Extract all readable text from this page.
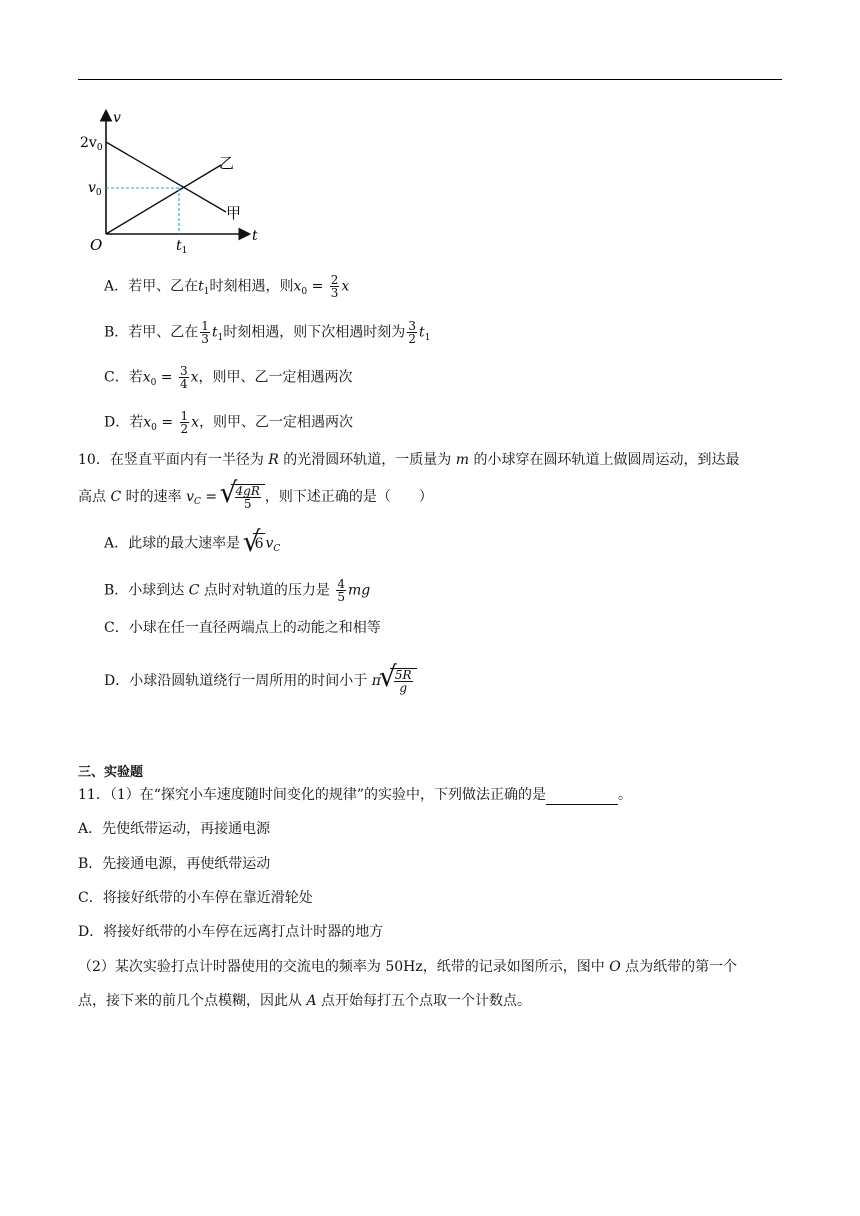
v
t
O
$2v_0$
$v_0$
$t_1$
乙
甲
A．若甲、乙在$t_1$时刻相遇，则$x_0 = \frac{2}{3}$ x
B．若甲、乙在 $\frac{1}{3} t_1$时刻相遇，则下次相遇时刻为 $\frac{3}{2} t_1$
C．若$x_0 = \frac{3}{4}$ x，则甲、乙一定相遇两次
D．若$x_0 = \frac{1}{2}$ x，则甲、乙一定相遇两次
10．在竖直平面内有一半径为 R 的光滑圆环轨道，一质量为 m 的小球穿在圆环轨道上做圆周运动，到达最
高点 C 时的速率 $v_C$ = √ $\frac{4gR}{5}$ ，则下述正确的是（　　）
A．此球的最大速率是 √ 6 $v_C$
B．小球到达 C 点时对轨道的压力是 $\frac{4}{5}$ mg
C．小球在任一直径两端点上的动能之和相等
D．小球沿圆轨道绕行一周所用的时间小于 π √ $\frac{5R}{g}$
三、实验题
11．（1）在“探究小车速度随时间变化的规律”的实验中，下列做法正确的是	。
A．先使纸带运动，再接通电源
B．先接通电源，再使纸带运动
C．将接好纸带的小车停在靠近滑轮处
D．将接好纸带的小车停在远离打点计时器的地方
（2）某次实验打点计时器使用的交流电的频率为 50Hz，纸带的记录如图所示，图中 O 点为纸带的第一个
点，接下来的前几个点模糊，因此从 A 点开始每打五个点取一个计数点。
